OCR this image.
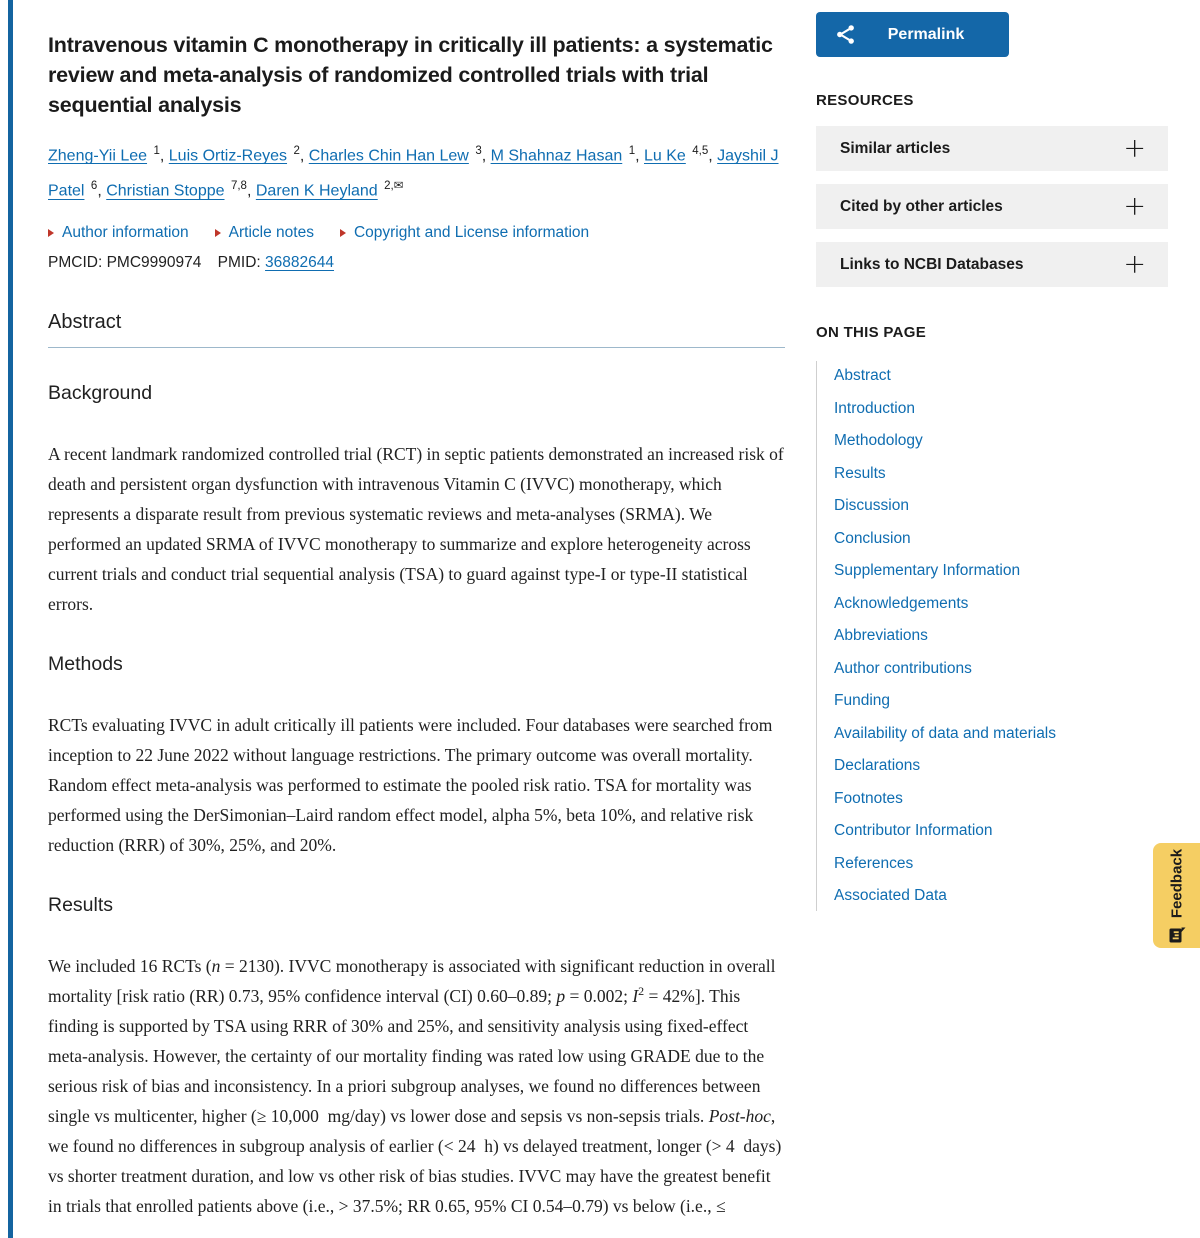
Intravenous vitamin C monotherapy in critically ill patients: a systematic review and meta-analysis of randomized controlled trials with trial sequential analysis

Zheng-Yii Lee $^1$, Luis Ortiz-Reyes $^2$, Charles Chin Han Lew $^3$, M Shahnaz Hasan $^1$, Lu Ke $^{4,5}$, Jayshil J Patel $^6$, Christian Stoppe $^{7,8}$, Daren K Heyland $^{2,✉}$

Author information	Article notes	Copyright and License information

PMCID: PMC9990974 PMID: 36882644

Abstract
Background

A recent landmark randomized controlled trial (RCT) in septic patients demonstrated an increased risk of death and persistent organ dysfunction with intravenous Vitamin C (IVVC) monotherapy, which represents a disparate result from previous systematic reviews and meta-analyses (SRMA). We performed an updated SRMA of IVVC monotherapy to summarize and explore heterogeneity across current trials and conduct trial sequential analysis (TSA) to guard against type-I or type-II statistical errors.

Methods

RCTs evaluating IVVC in adult critically ill patients were included. Four databases were searched from inception to 22 June 2022 without language restrictions. The primary outcome was overall mortality. Random effect meta-analysis was performed to estimate the pooled risk ratio. TSA for mortality was performed using the DerSimonian–Laird random effect model, alpha 5%, beta 10%, and relative risk reduction (RRR) of 30%, 25%, and 20%.

Results

We included 16 RCTs (n = 2130). IVVC monotherapy is associated with significant reduction in overall mortality [risk ratio (RR) 0.73, 95% confidence interval (CI) 0.60–0.89; p = 0.002; $I^2 = 42\%$]. This finding is supported by TSA using RRR of 30% and 25%, and sensitivity analysis using fixed-effect meta-analysis. However, the certainty of our mortality finding was rated low using GRADE due to the serious risk of bias and inconsistency. In a priori subgroup analyses, we found no differences between single vs multicenter, higher (≥ 10,000  mg/day) vs lower dose and sepsis vs non-sepsis trials. Post-hoc, we found no differences in subgroup analysis of earlier (< 24  h) vs delayed treatment, longer (> 4  days) vs shorter treatment duration, and low vs other risk of bias studies. IVVC may have the greatest benefit in trials that enrolled patients above (i.e., > 37.5%; RR 0.65, 95% CI 0.54–0.79) vs below (i.e., ≤

Permalink
RESOURCES
Similar articles	+
Cited by other articles	+
Links to NCBI Databases	+
ON THIS PAGE
Abstract
Introduction
Methodology
Results
Discussion
Conclusion
Supplementary Information
Acknowledgements
Abbreviations
Author contributions
Funding
Availability of data and materials
Declarations
Footnotes
Contributor Information
References
Associated Data	Feedback
